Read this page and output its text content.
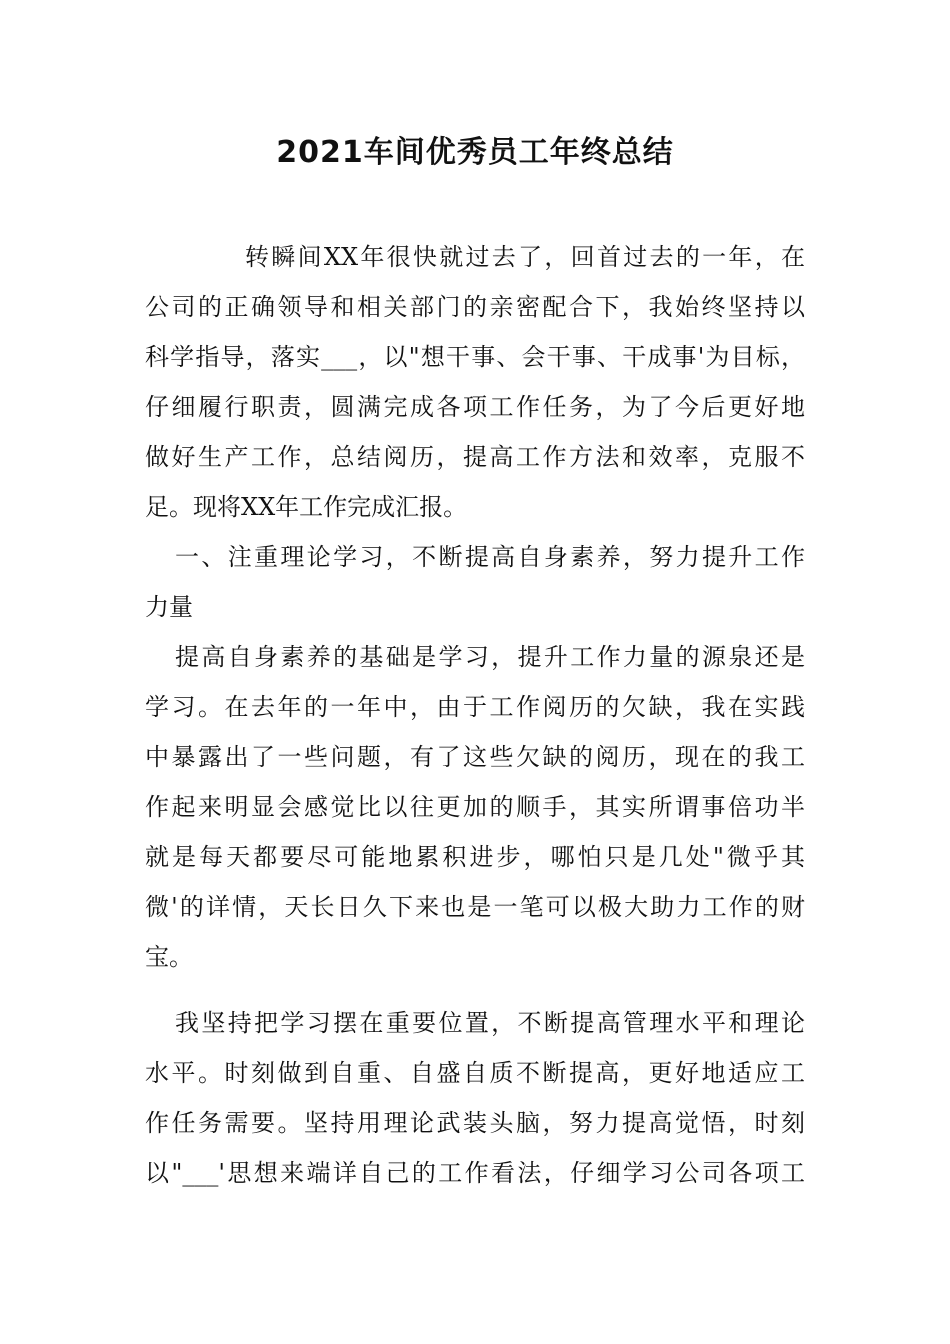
2021车间优秀员工年终总结
转瞬间XX年很快就过去了，回首过去的一年，在
公司的正确领导和相关部门的亲密配合下，我始终坚持以
科学指导，落实___，以"想干事、会干事、干成事'为目标，
仔细履行职责，圆满完成各项工作任务，为了今后更好地
做好生产工作，总结阅历，提高工作方法和效率，克服不
足。现将XX年工作完成汇报。
一、注重理论学习，不断提高自身素养，努力提升工作
力量
提高自身素养的基础是学习，提升工作力量的源泉还是
学习。在去年的一年中，由于工作阅历的欠缺，我在实践
中暴露出了一些问题，有了这些欠缺的阅历，现在的我工
作起来明显会感觉比以往更加的顺手，其实所谓事倍功半
就是每天都要尽可能地累积进步，哪怕只是几处"微乎其
微'的详情，天长日久下来也是一笔可以极大助力工作的财
宝。
我坚持把学习摆在重要位置，不断提高管理水平和理论
水平。时刻做到自重、自盛自质不断提高，更好地适应工
作任务需要。坚持用理论武装头脑，努力提高觉悟，时刻
以"___'思想来端详自己的工作看法，仔细学习公司各项工
